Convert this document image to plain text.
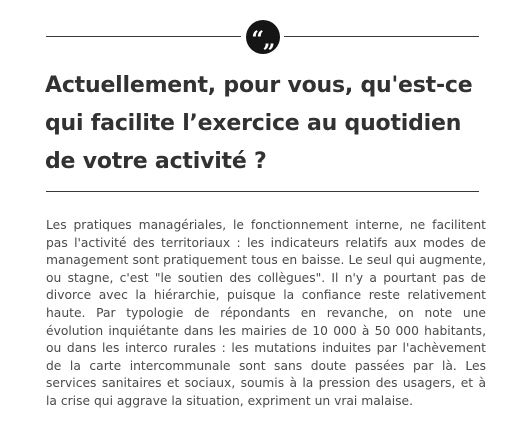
“„
Actuellement, pour vous, qu'est-ce
qui facilite l’exercice au quotidien
de votre activité ?
Les pratiques managériales, le fonctionnement interne, ne facilitent
pas l'activité des territoriaux : les indicateurs relatifs aux modes de
management sont pratiquement tous en baisse. Le seul qui augmente,
ou stagne, c'est "le soutien des collègues". Il n'y a pourtant pas de
divorce avec la hiérarchie, puisque la confiance reste relativement
haute. Par typologie de répondants en revanche, on note une
évolution inquiétante dans les mairies de 10 000 à 50 000 habitants,
ou dans les interco rurales : les mutations induites par l'achèvement
de la carte intercommunale sont sans doute passées par là. Les
services sanitaires et sociaux, soumis à la pression des usagers, et à
la crise qui aggrave la situation, expriment un vrai malaise.
